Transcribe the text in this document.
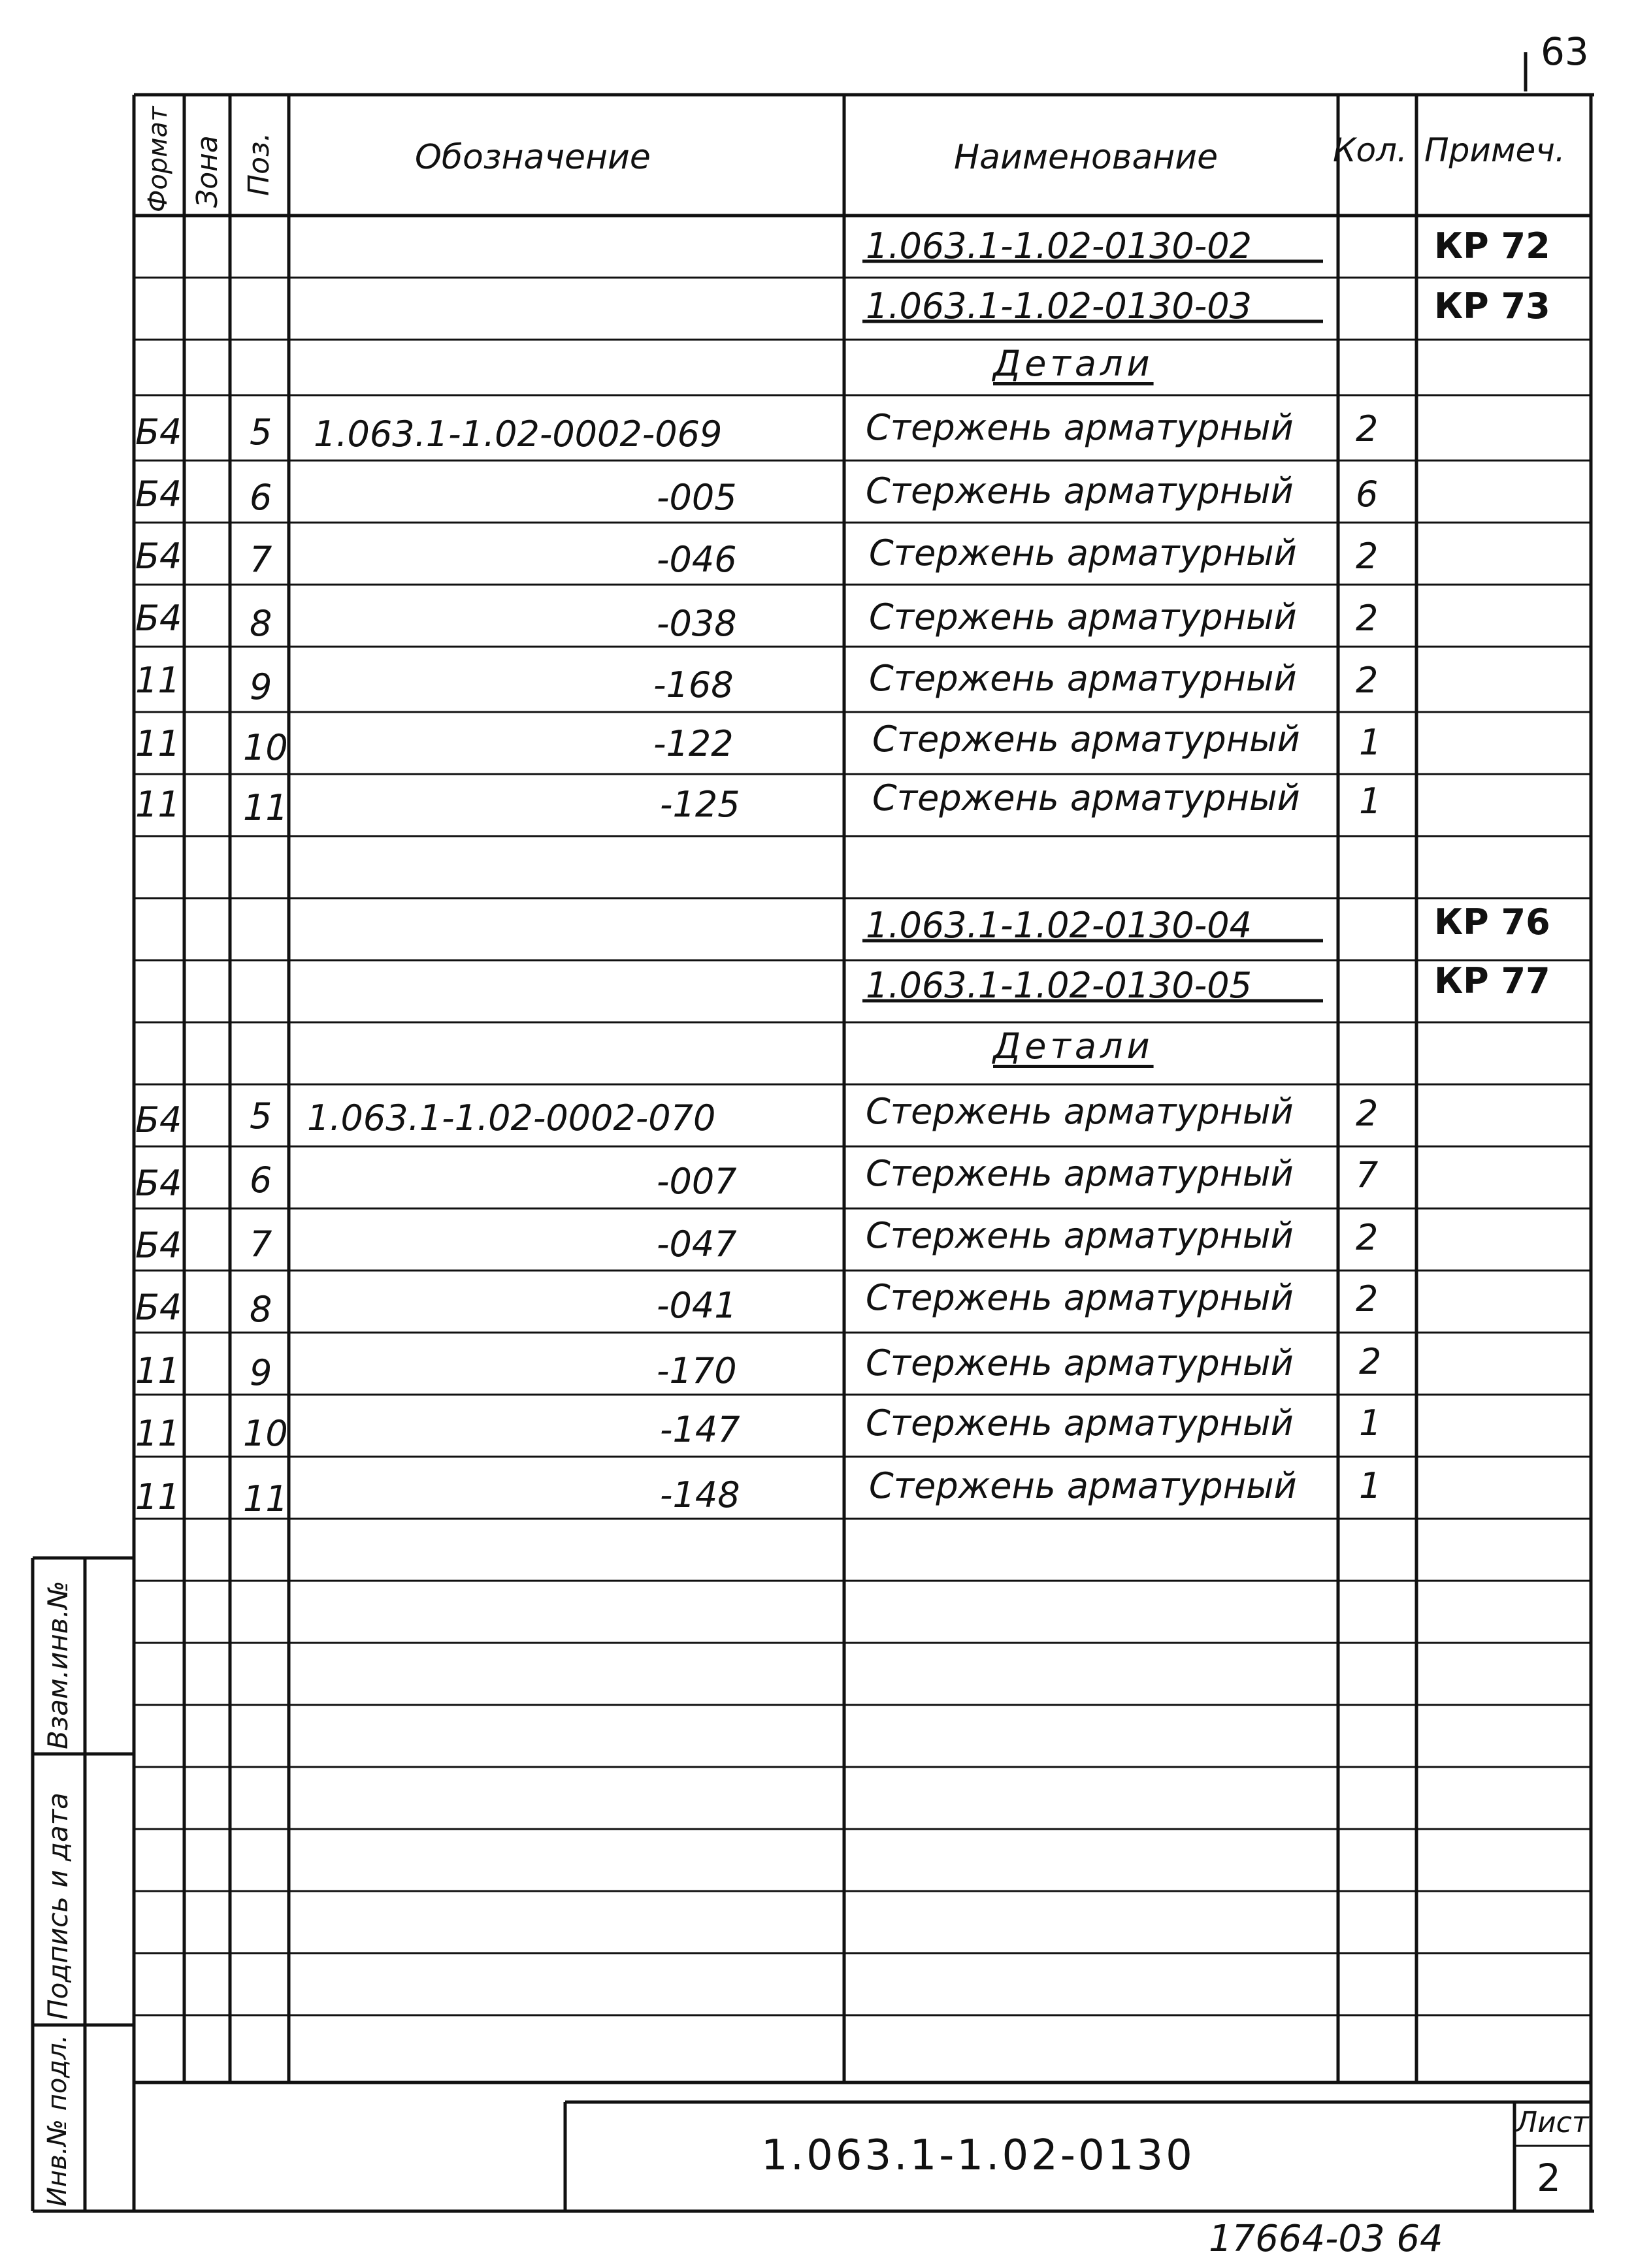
63
Формат Зона Поз.	Обозначение	Наименование	Кол. Примеч.
1.063.1-1.02-0130-02	КР 72
1.063.1-1.02-0130-03	КР 73
Детали
Б4 5 1.063.1-1.02-0002-069	Стержень арматурный 2
Б4 6	-005	Стержень арматурный 6
Б4 7	-046	Стержень арматурный 2
Б4 8	-038	Стержень арматурный 2
11 9	-168	Стержень арматурный 2
11 10	-122	Стержень арматурный 1
11 11	-125	Стержень арматурный 1
1.063.1-1.02-0130-04	КР 76
1.063.1-1.02-0130-05	КР 77
Детали
Б4 5 1.063.1-1.02-0002-070	Стержень арматурный 2
Б4 6	-007	Стержень арматурный 7
Б4 7	-047	Стержень арматурный 2
Б4 8	-041	Стержень арматурный 2
11 9	-170	Стержень арматурный 2
11 10	-147	Стержень арматурный 1
11 11	-148	Стержень арматурный 1
Взам.инв.№
Подпись и дата
Инв.№ подл.	1.063.1-1.02-0130
Лист
2
17664-03 64
